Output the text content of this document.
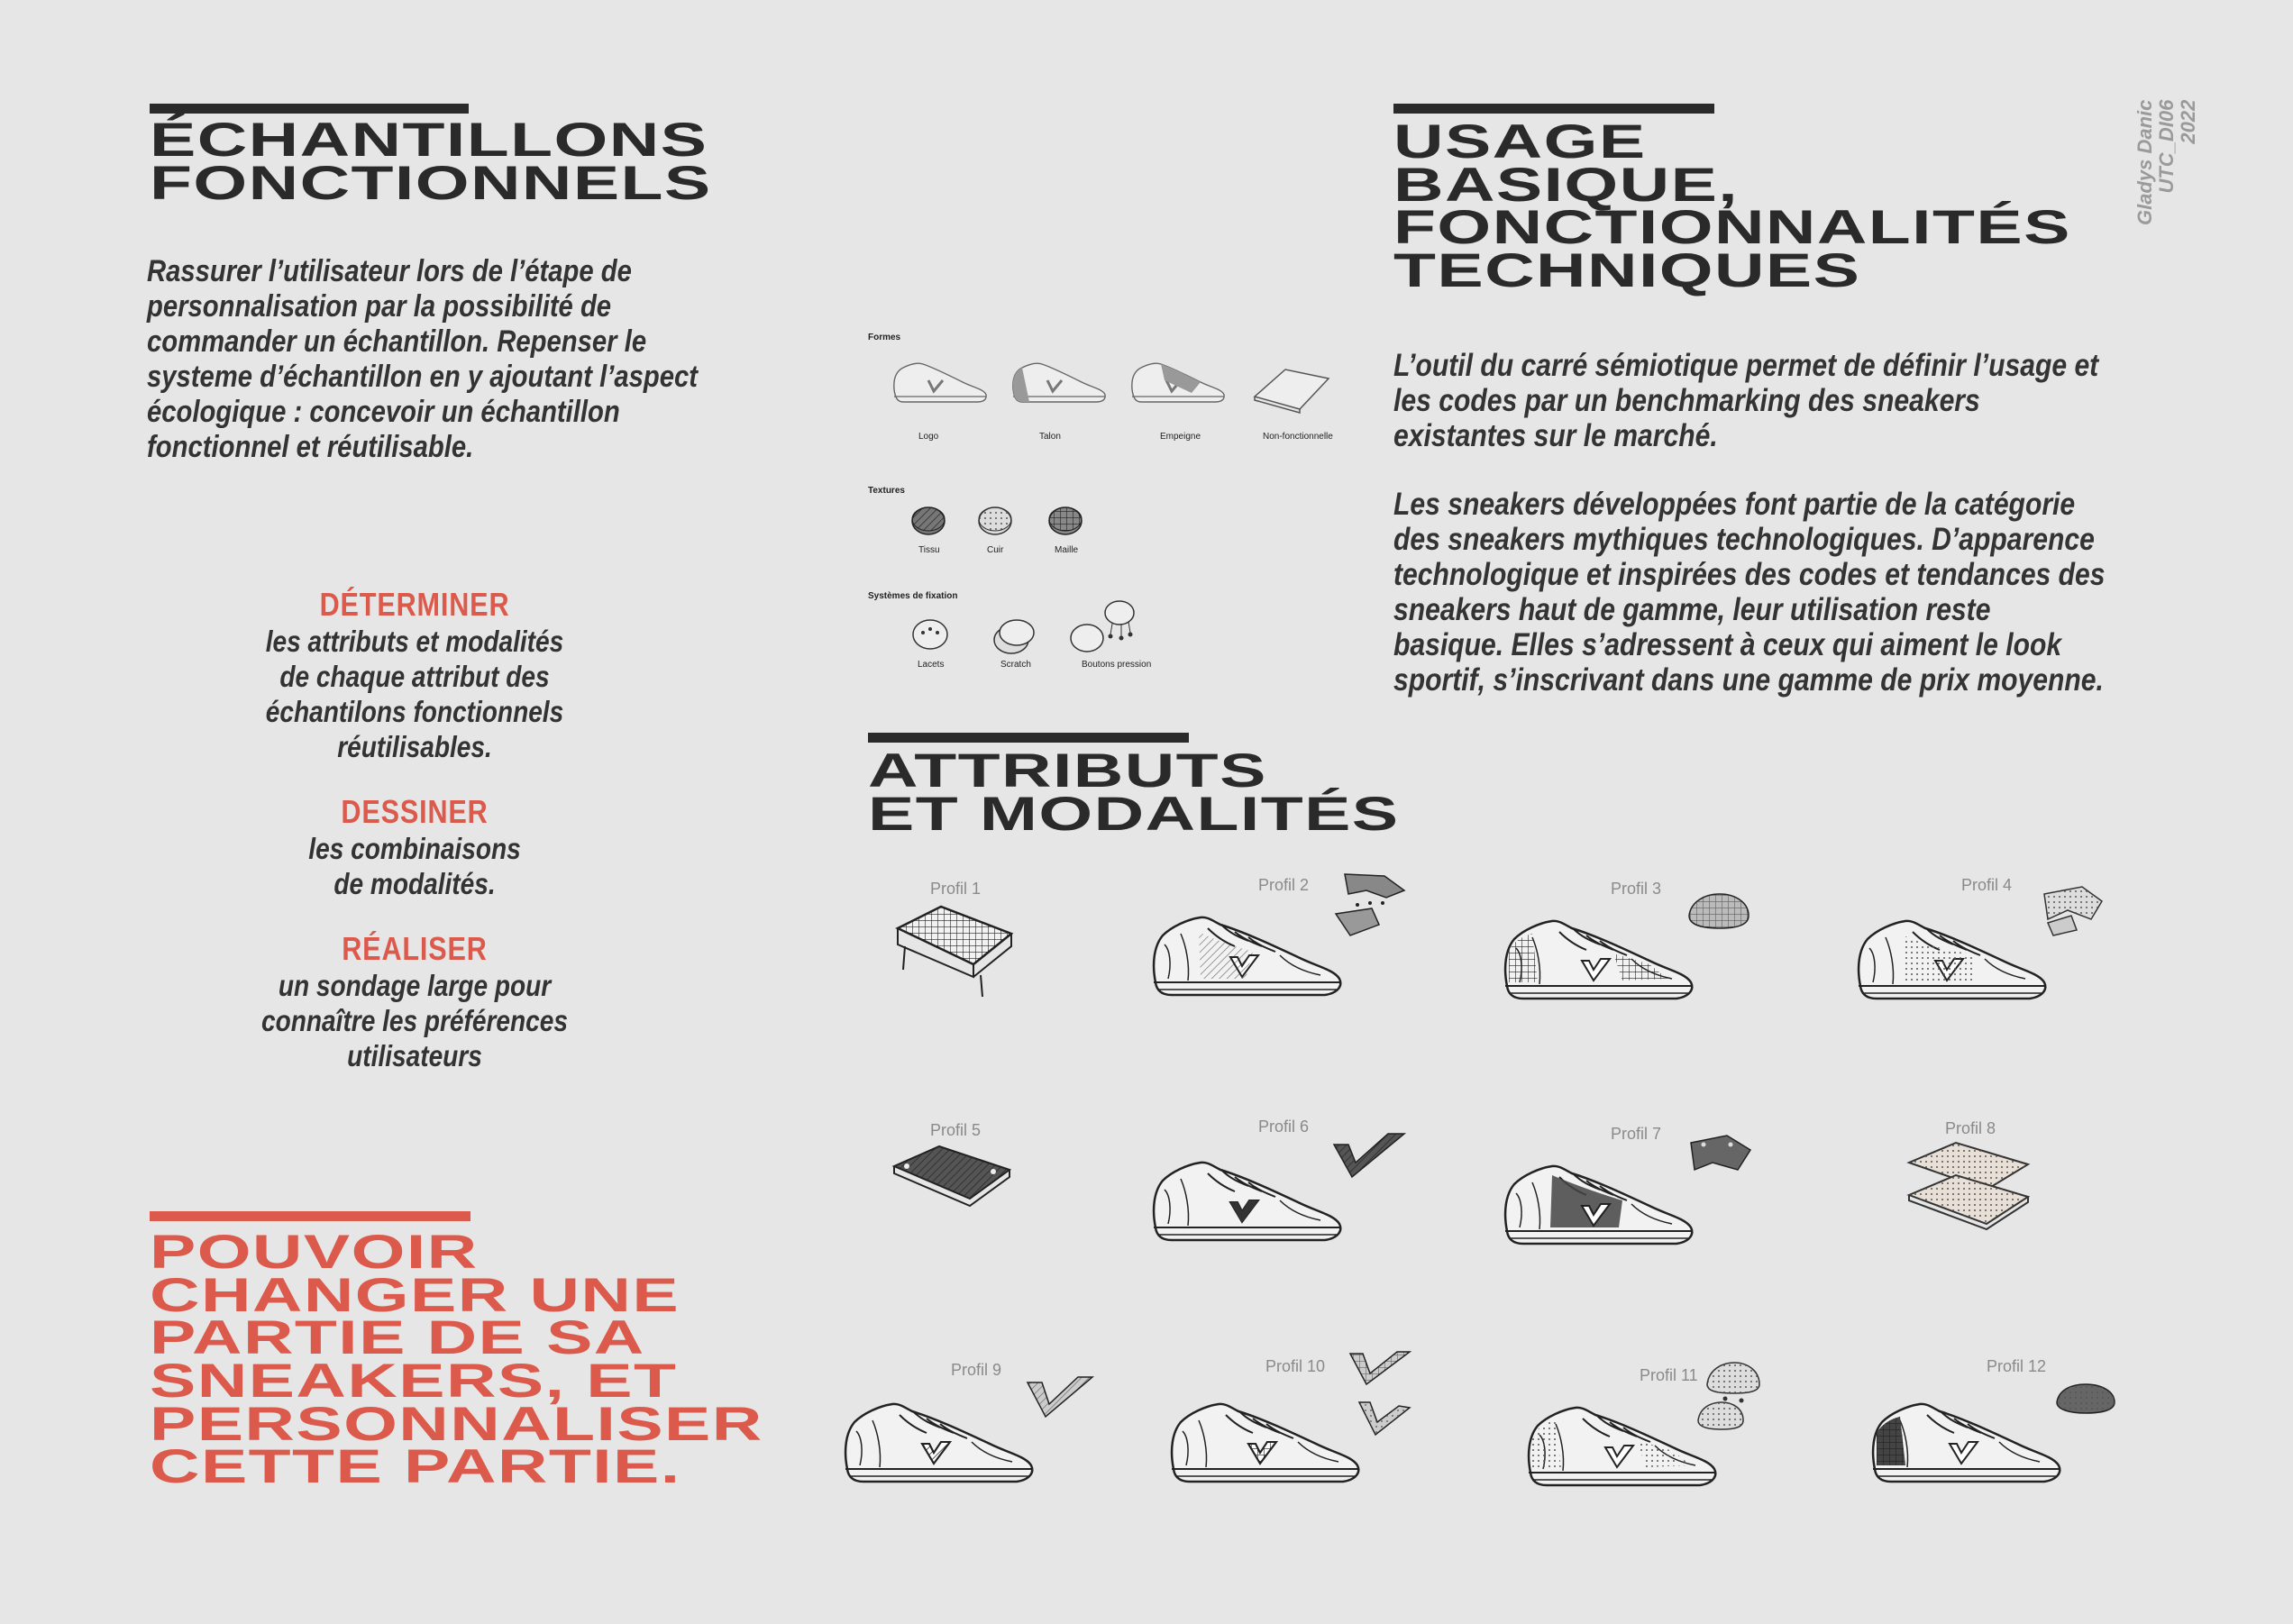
ÉCHANTILLONS
FONCTIONNELS
Rassurer l’utilisateur lors de l’étape de
personnalisation par la possibilité de
commander un échantillon. Repenser le
systeme d’échantillon en y ajoutant l’aspect
écologique : concevoir un échantillon
fonctionnel et réutilisable.
DÉTERMINER
les attributs et modalités
de chaque attribut des
échantilons fonctionnels
réutilisables.
DESSINER
les combinaisons
de modalités.
RÉALISER
un sondage large pour
connaître les préférences
utilisateurs
POUVOIR
CHANGER UNE
PARTIE DE SA
SNEAKERS, ET
PERSONNALISER
CETTE PARTIE.
USAGE
BASIQUE,
FONCTIONNALITÉS
TECHNIQUES
Gladys Danic UTC_DI06 2022
L’outil du carré sémiotique permet de définir l’usage et
les codes par un benchmarking des sneakers
existantes sur le marché.
Les sneakers développées font partie de la catégorie
des sneakers mythiques technologiques. D’apparence
technologique et inspirées des codes et tendances des
sneakers haut de gamme, leur utilisation reste
basique. Elles s’adressent à ceux qui aiment le look
sportif, s’inscrivant dans une gamme de prix moyenne.
Formes
Logo	Talon	Empeigne	Non-fonctionnelle
Textures
Tissu	Cuir	Maille
Systèmes de fixation
Lacets	Scratch	Boutons pression
ATTRIBUTS
ET MODALITÉS
Profil 1	Profil 2	Profil 3	Profil 4
Profil 5	Profil 6	Profil 7	Profil 8
Profil 9	Profil 10	Profil 11	Profil 12
